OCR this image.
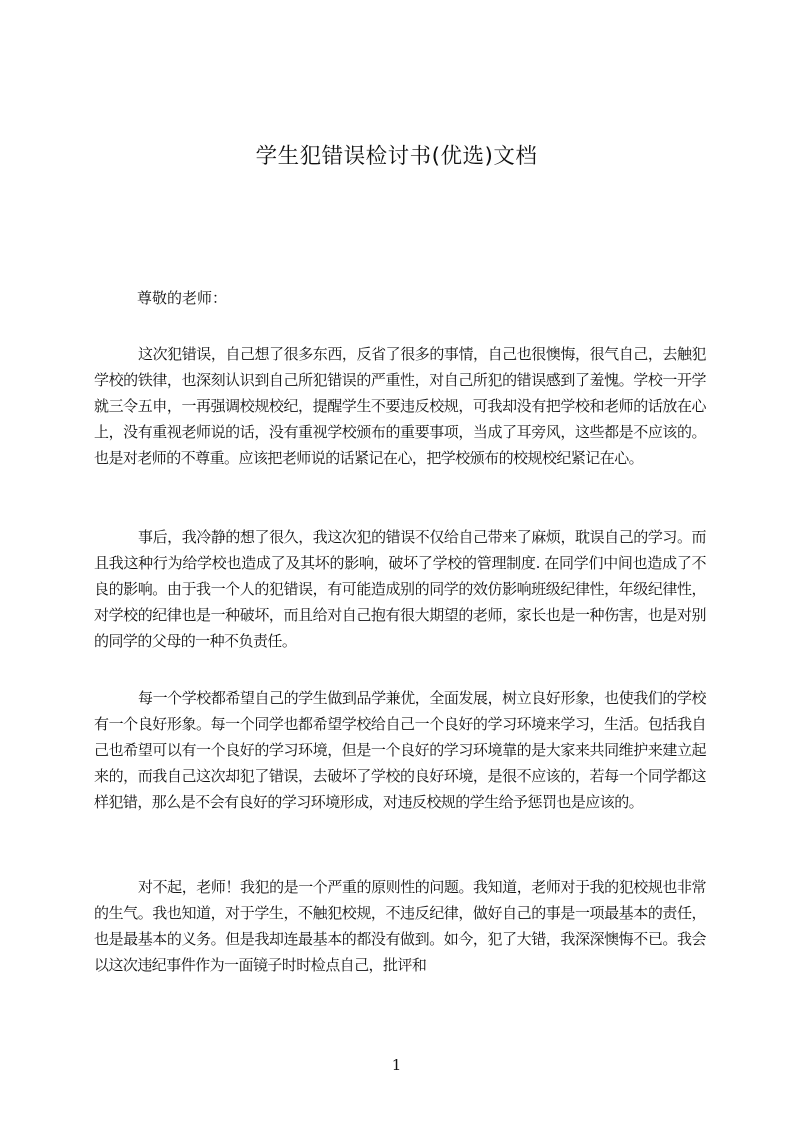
学生犯错误检讨书(优选)文档
尊敬的老师：

这次犯错误，自己想了很多东西，反省了很多的事情，自己也很懊悔，很气自己，去触犯学校的铁律，也深刻认识到自己所犯错误的严重性，对自己所犯的错误感到了羞愧。学校一开学就三令五申，一再强调校规校纪，提醒学生不要违反校规，可我却没有把学校和老师的话放在心上，没有重视老师说的话，没有重视学校颁布的重要事项，当成了耳旁风，这些都是不应该的。也是对老师的不尊重。应该把老师说的话紧记在心，把学校颁布的校规校纪紧记在心。

事后，我冷静的想了很久，我这次犯的错误不仅给自己带来了麻烦，耽误自己的学习。而且我这种行为给学校也造成了及其坏的影响，破坏了学校的管理制度. 在同学们中间也造成了不良的影响。由于我一个人的犯错误，有可能造成别的同学的效仿影响班级纪律性，年级纪律性，对学校的纪律也是一种破坏，而且给对自己抱有很大期望的老师，家长也是一种伤害，也是对别的同学的父母的一种不负责任。

每一个学校都希望自己的学生做到品学兼优，全面发展，树立良好形象，也使我们的学校有一个良好形象。每一个同学也都希望学校给自己一个良好的学习环境来学习，生活。包括我自己也希望可以有一个良好的学习环境，但是一个良好的学习环境靠的是大家来共同维护来建立起来的，而我自己这次却犯了错误，去破坏了学校的良好环境，是很不应该的，若每一个同学都这样犯错，那么是不会有良好的学习环境形成，对违反校规的学生给予惩罚也是应该的。

对不起，老师！我犯的是一个严重的原则性的问题。我知道，老师对于我的犯校规也非常的生气。我也知道，对于学生，不触犯校规，不违反纪律，做好自己的事是一项最基本的责任，也是最基本的义务。但是我却连最基本的都没有做到。如今，犯了大错，我深深懊悔不已。我会以这次违纪事件作为一面镜子时时检点自己，批评和

1
